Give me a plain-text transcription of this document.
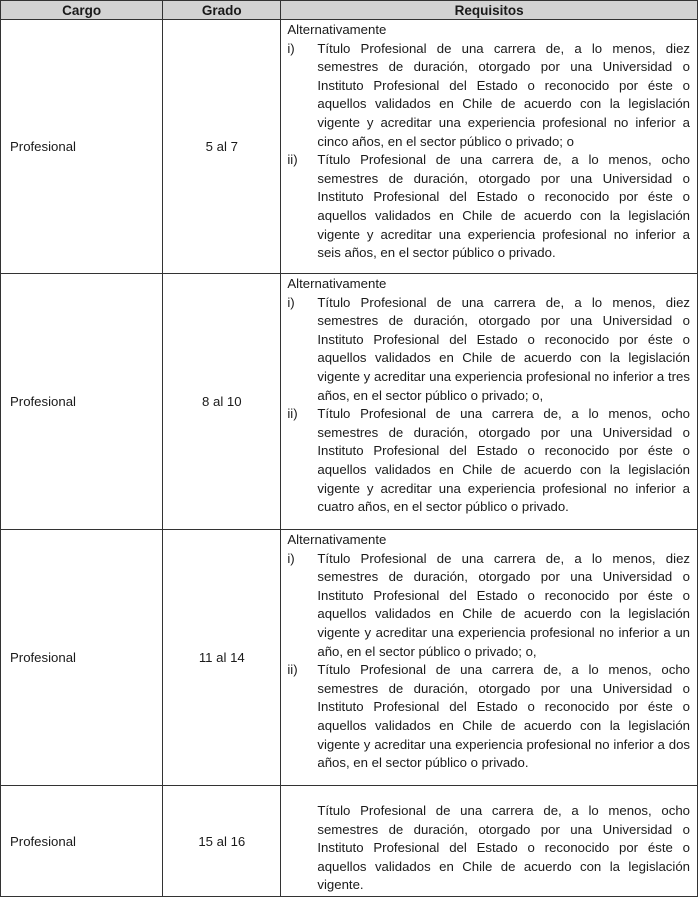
Cargo	Grado	Requisitos
Profesional	5 al 7	Alternativamente
i) Título Profesional de una carrera de, a lo menos, diez semestres de duración, otorgado por una Universidad o Instituto Profesional del Estado o reconocido por éste o aquellos validados en Chile de acuerdo con la legislación vigente y acreditar una experiencia profesional no inferior a cinco años, en el sector público o privado; o
ii) Título Profesional de una carrera de, a lo menos, ocho semestres de duración, otorgado por una Universidad o Instituto Profesional del Estado o reconocido por éste o aquellos validados en Chile de acuerdo con la legislación vigente y acreditar una experiencia profesional no inferior a seis años, en el sector público o privado.

Profesional	8 al 10	Alternativamente
i) Título Profesional de una carrera de, a lo menos, diez semestres de duración, otorgado por una Universidad o Instituto Profesional del Estado o reconocido por éste o aquellos validados en Chile de acuerdo con la legislación vigente y acreditar una experiencia profesional no inferior a tres años, en el sector público o privado; o,
ii) Título Profesional de una carrera de, a lo menos, ocho semestres de duración, otorgado por una Universidad o Instituto Profesional del Estado o reconocido por éste o aquellos validados en Chile de acuerdo con la legislación vigente y acreditar una experiencia profesional no inferior a cuatro años, en el sector público o privado.

Profesional	11 al 14	Alternativamente
i) Título Profesional de una carrera de, a lo menos, diez semestres de duración, otorgado por una Universidad o Instituto Profesional del Estado o reconocido por éste o aquellos validados en Chile de acuerdo con la legislación vigente y acreditar una experiencia profesional no inferior a un año, en el sector público o privado; o,
ii) Título Profesional de una carrera de, a lo menos, ocho semestres de duración, otorgado por una Universidad o Instituto Profesional del Estado o reconocido por éste o aquellos validados en Chile de acuerdo con la legislación vigente y acreditar una experiencia profesional no inferior a dos años, en el sector público o privado.

Profesional	15 al 16	Título Profesional de una carrera de, a lo menos, ocho semestres de duración, otorgado por una Universidad o Instituto Profesional del Estado o reconocido por éste o aquellos validados en Chile de acuerdo con la legislación vigente.
